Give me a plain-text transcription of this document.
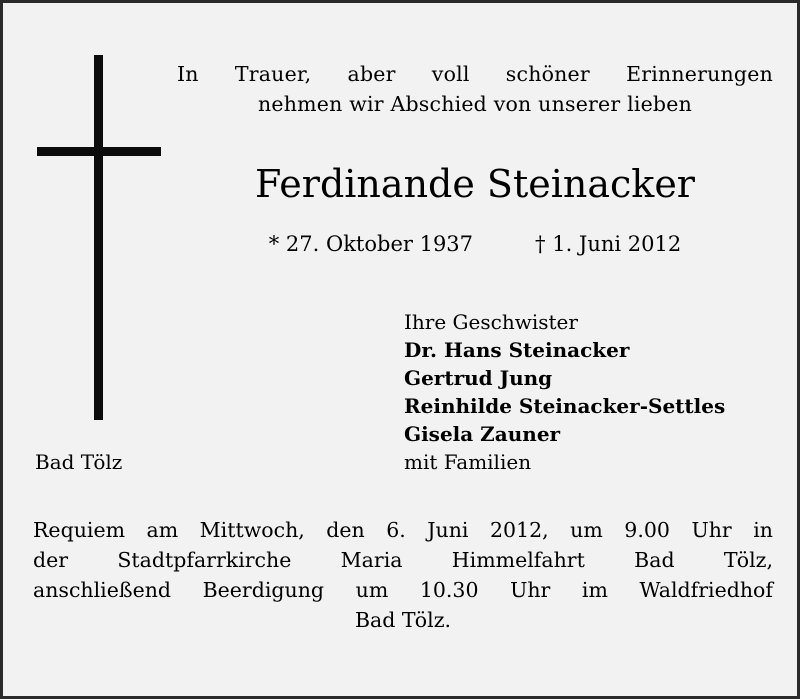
In Trauer, aber voll schöner Erinnerungen
nehmen wir Abschied von unserer lieben
Ferdinande Steinacker
* 27. Oktober 1937	† 1. Juni 2012
Ihre Geschwister
Dr. Hans Steinacker
Gertrud Jung
Reinhilde Steinacker-Settles
Gisela Zauner
mit Familien
Bad Tölz
Requiem am Mittwoch, den 6. Juni 2012, um 9.00 Uhr in
der Stadtpfarrkirche Maria Himmelfahrt Bad Tölz,
anschließend Beerdigung um 10.30 Uhr im Waldfriedhof
Bad Tölz.
